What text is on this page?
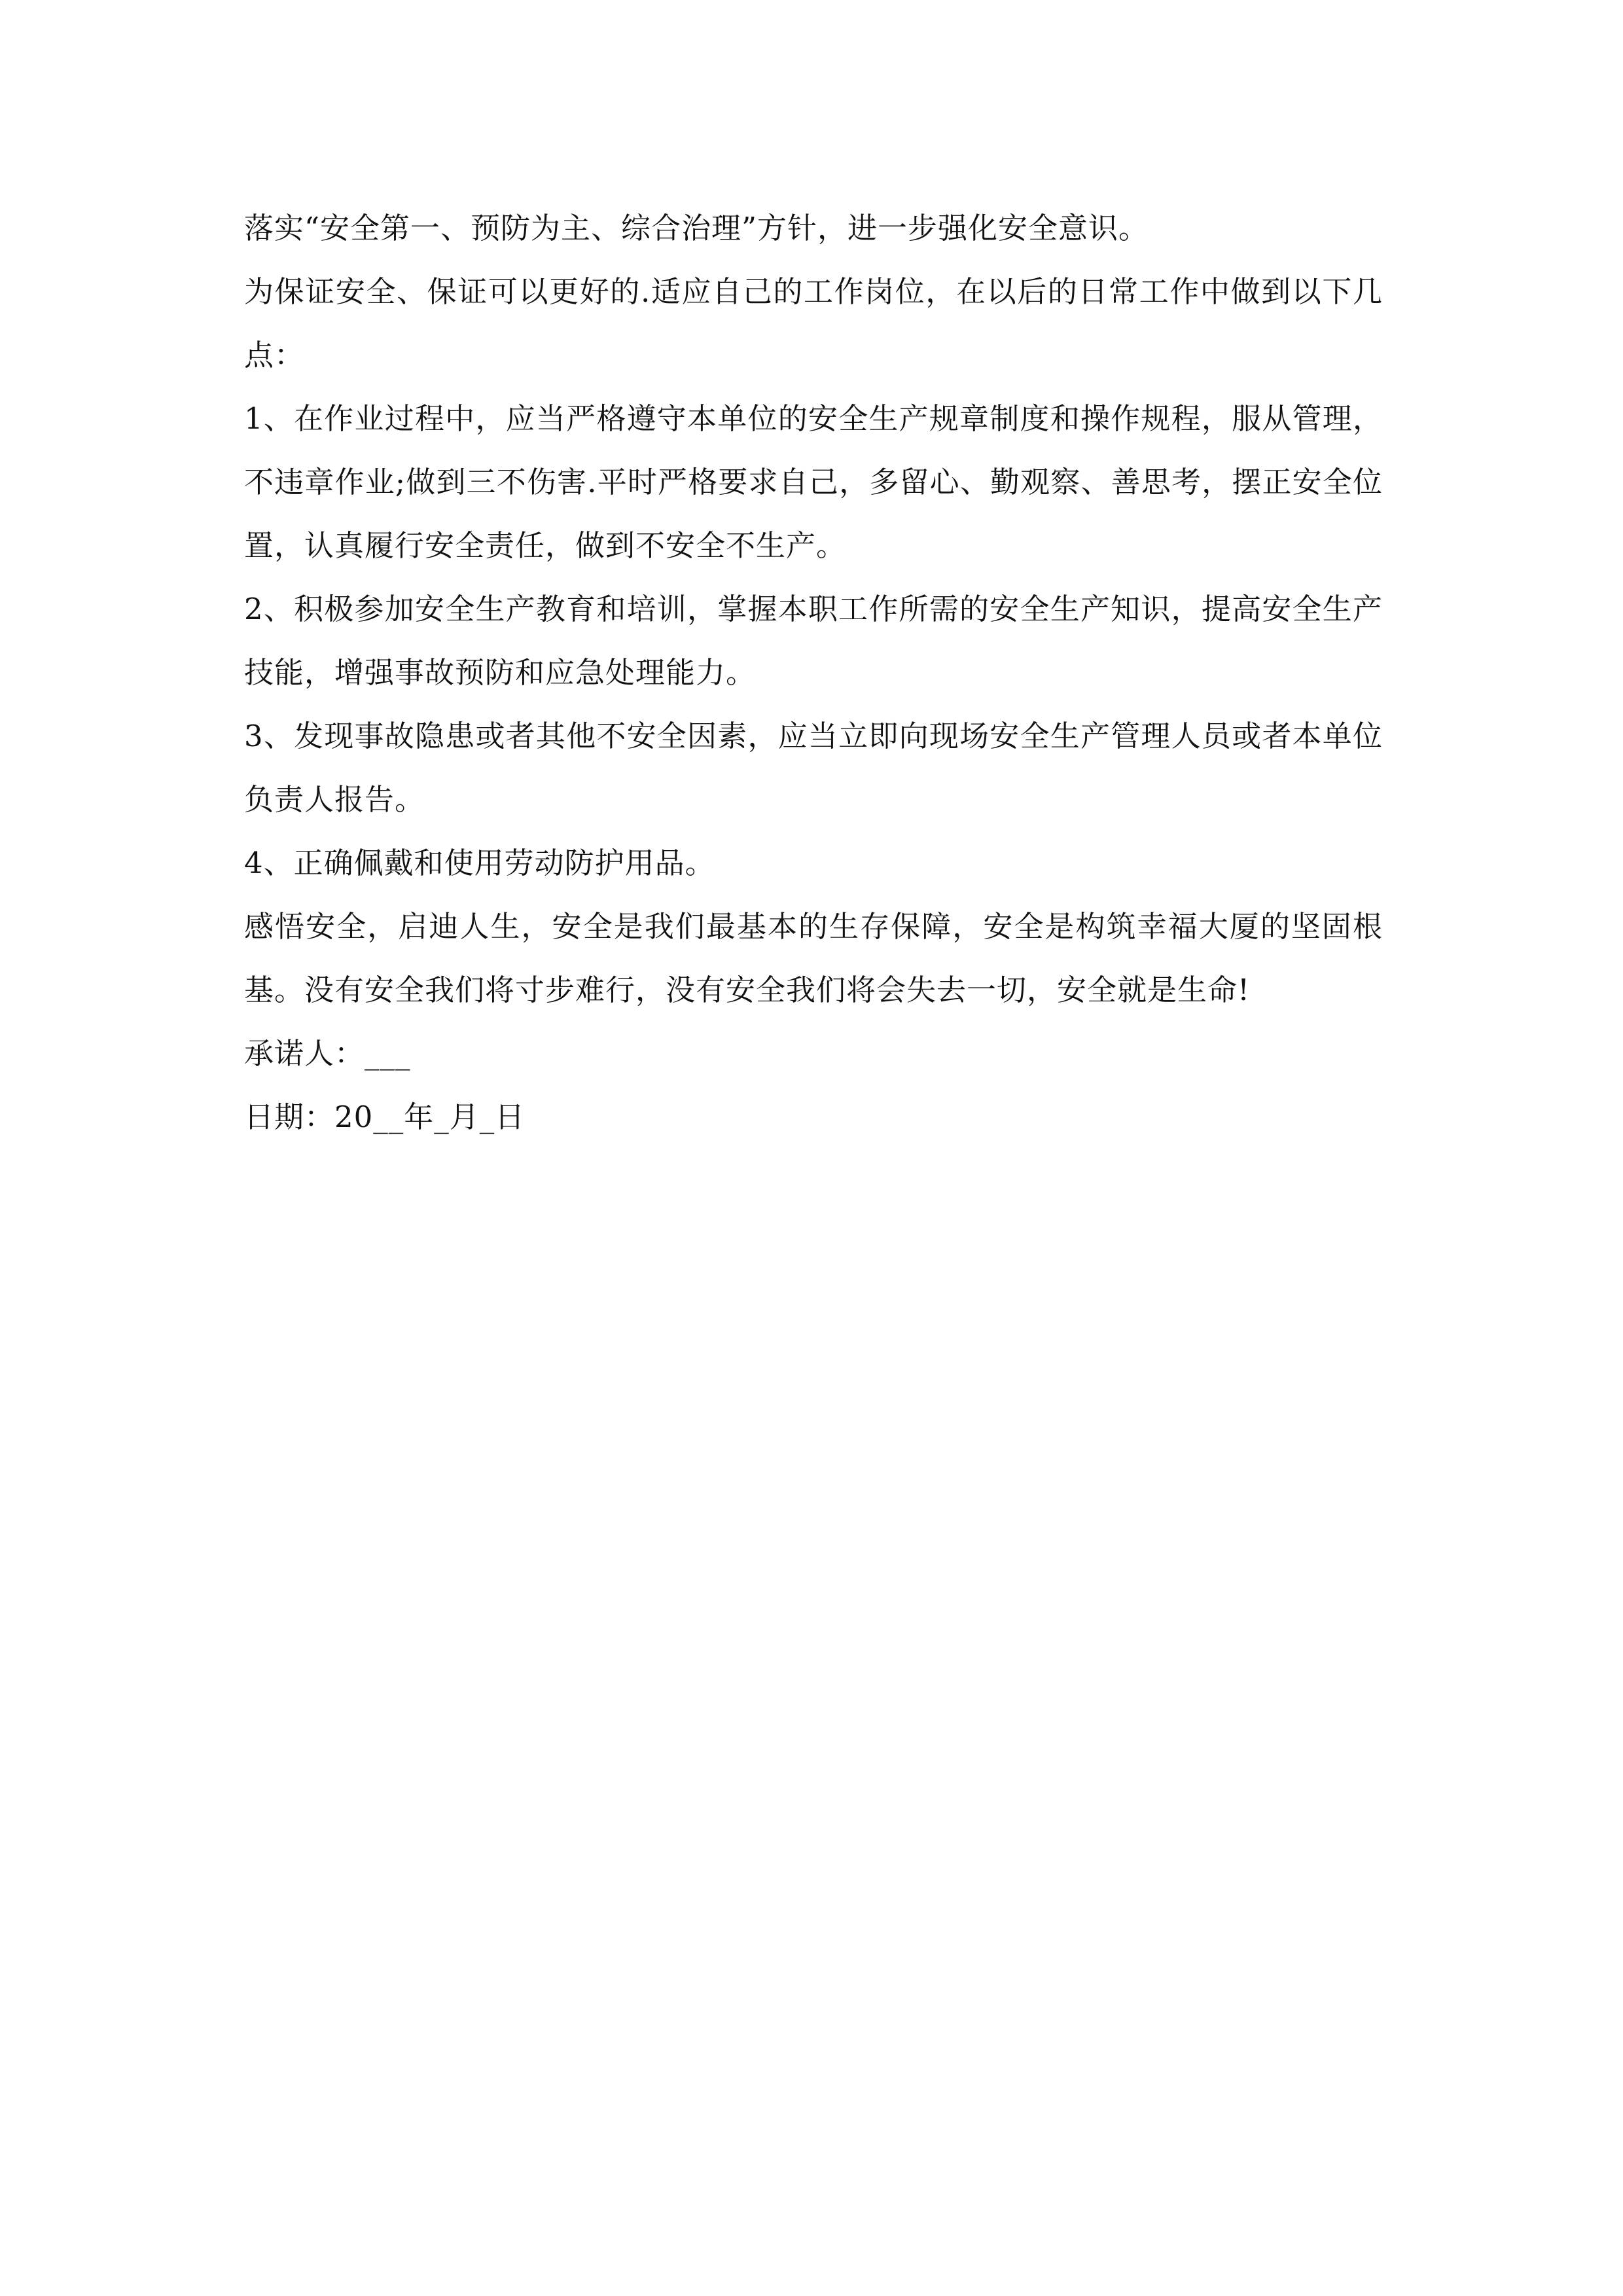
落实“安全第一、预防为主、综合治理”方针，进一步强化安全意识。

为保证安全、保证可以更好的.适应自己的工作岗位，在以后的日常工作中做到以下几点：

1、在作业过程中，应当严格遵守本单位的安全生产规章制度和操作规程，服从管理，不违章作业;做到三不伤害.平时严格要求自己，多留心、勤观察、善思考，摆正安全位置，认真履行安全责任，做到不安全不生产。

2、积极参加安全生产教育和培训，掌握本职工作所需的安全生产知识，提高安全生产技能，增强事故预防和应急处理能力。

3、发现事故隐患或者其他不安全因素，应当立即向现场安全生产管理人员或者本单位负责人报告。

4、正确佩戴和使用劳动防护用品。

感悟安全，启迪人生，安全是我们最基本的生存保障，安全是构筑幸福大厦的坚固根基。没有安全我们将寸步难行，没有安全我们将会失去一切，安全就是生命!

承诺人：___

日期：20__年_月_日
